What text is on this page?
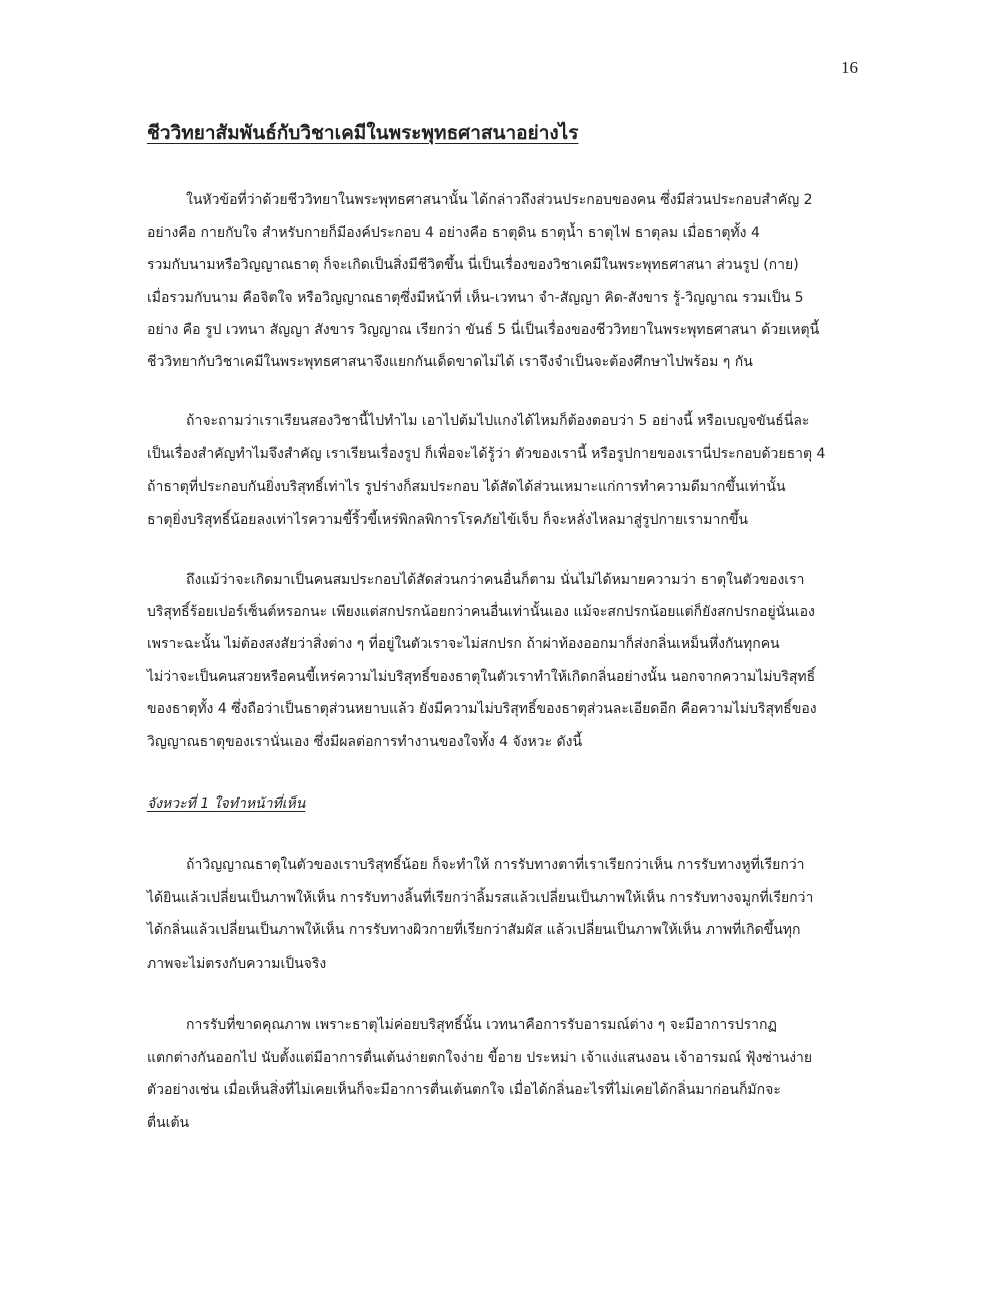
16
ชีววิทยาสัมพันธ์กับวิชาเคมีในพระพุทธศาสนาอย่างไร

ในหัวข้อที่ว่าด้วยชีววิทยาในพระพุทธศาสนานั้น ได้กล่าวถึงส่วนประกอบของคน ซึ่งมีส่วนประกอบสำคัญ 2

อย่างคือ กายกับใจ สำหรับกายก็มีองค์ประกอบ 4 อย่างคือ ธาตุดิน ธาตุน้ำ ธาตุไฟ ธาตุลม เมื่อธาตุทั้ง 4

รวมกับนามหรือวิญญาณธาตุ ก็จะเกิดเป็นสิ่งมีชีวิตขึ้น นี่เป็นเรื่องของวิชาเคมีในพระพุทธศาสนา ส่วนรูป (กาย)

เมื่อรวมกับนาม คือจิตใจ หรือวิญญาณธาตุซึ่งมีหน้าที่ เห็น-เวทนา จำ-สัญญา คิด-สังขาร รู้-วิญญาณ รวมเป็น 5

อย่าง คือ รูป เวทนา สัญญา สังขาร วิญญาณ เรียกว่า ขันธ์ 5 นี่เป็นเรื่องของชีววิทยาในพระพุทธศาสนา ด้วยเหตุนี้

ชีววิทยากับวิชาเคมีในพระพุทธศาสนาจึงแยกกันเด็ดขาดไม่ได้ เราจึงจำเป็นจะต้องศึกษาไปพร้อม ๆ กัน

ถ้าจะถามว่าเราเรียนสองวิชานี้ไปทำไม เอาไปต้มไปแกงได้ไหมก็ต้องตอบว่า 5 อย่างนี้ หรือเบญจขันธ์นี่ละ

เป็นเรื่องสำคัญทำไมจึงสำคัญ เราเรียนเรื่องรูป ก็เพื่อจะได้รู้ว่า ตัวของเรานี้ หรือรูปกายของเรานี่ประกอบด้วยธาตุ 4

ถ้าธาตุที่ประกอบกันยิ่งบริสุทธิ์เท่าไร รูปร่างก็สมประกอบ ได้สัดได้ส่วนเหมาะแก่การทำความดีมากขึ้นเท่านั้น

ธาตุยิ่งบริสุทธิ์น้อยลงเท่าไรความขี้ริ้วขี้เหร่พิกลพิการโรคภัยไข้เจ็บ ก็จะหลั่งไหลมาสู่รูปกายเรามากขึ้น

ถึงแม้ว่าจะเกิดมาเป็นคนสมประกอบได้สัดส่วนกว่าคนอื่นก็ตาม นั่นไม่ได้หมายความว่า ธาตุในตัวของเรา

บริสุทธิ์ร้อยเปอร์เซ็นต์หรอกนะ เพียงแต่สกปรกน้อยกว่าคนอื่นเท่านั้นเอง แม้จะสกปรกน้อยแต่ก็ยังสกปรกอยู่นั่นเอง

เพราะฉะนั้น ไม่ต้องสงสัยว่าสิ่งต่าง ๆ ที่อยู่ในตัวเราจะไม่สกปรก ถ้าผ่าท้องออกมาก็ส่งกลิ่นเหม็นหึ่งกันทุกคน

ไม่ว่าจะเป็นคนสวยหรือคนขี้เหร่ความไม่บริสุทธิ์ของธาตุในตัวเราทำให้เกิดกลิ่นอย่างนั้น นอกจากความไม่บริสุทธิ์

ของธาตุทั้ง 4 ซึ่งถือว่าเป็นธาตุส่วนหยาบแล้ว ยังมีความไม่บริสุทธิ์ของธาตุส่วนละเอียดอีก คือความไม่บริสุทธิ์ของ

วิญญาณธาตุของเรานั่นเอง ซึ่งมีผลต่อการทำงานของใจทั้ง 4 จังหวะ ดังนี้

จังหวะที่ 1 ใจทำหน้าที่เห็น

ถ้าวิญญาณธาตุในตัวของเราบริสุทธิ์น้อย ก็จะทำให้ การรับทางตาที่เราเรียกว่าเห็น การรับทางหูที่เรียกว่า

ได้ยินแล้วเปลี่ยนเป็นภาพให้เห็น การรับทางลิ้นที่เรียกว่าลิ้มรสแล้วเปลี่ยนเป็นภาพให้เห็น การรับทางจมูกที่เรียกว่า

ได้กลิ่นแล้วเปลี่ยนเป็นภาพให้เห็น การรับทางผิวกายที่เรียกว่าสัมผัส แล้วเปลี่ยนเป็นภาพให้เห็น ภาพที่เกิดขึ้นทุก

ภาพจะไม่ตรงกับความเป็นจริง

การรับที่ขาดคุณภาพ เพราะธาตุไม่ค่อยบริสุทธิ์นั้น เวทนาคือการรับอารมณ์ต่าง ๆ จะมีอาการปรากฏ

แตกต่างกันออกไป นับตั้งแต่มีอาการตื่นเต้นง่ายตกใจง่าย ขี้อาย ประหม่า เจ้าแง่แสนงอน เจ้าอารมณ์ ฟุ้งซ่านง่าย

ตัวอย่างเช่น เมื่อเห็นสิ่งที่ไม่เคยเห็นก็จะมีอาการตื่นเต้นตกใจ เมื่อได้กลิ่นอะไรที่ไม่เคยได้กลิ่นมาก่อนก็มักจะ

ตื่นเต้น
